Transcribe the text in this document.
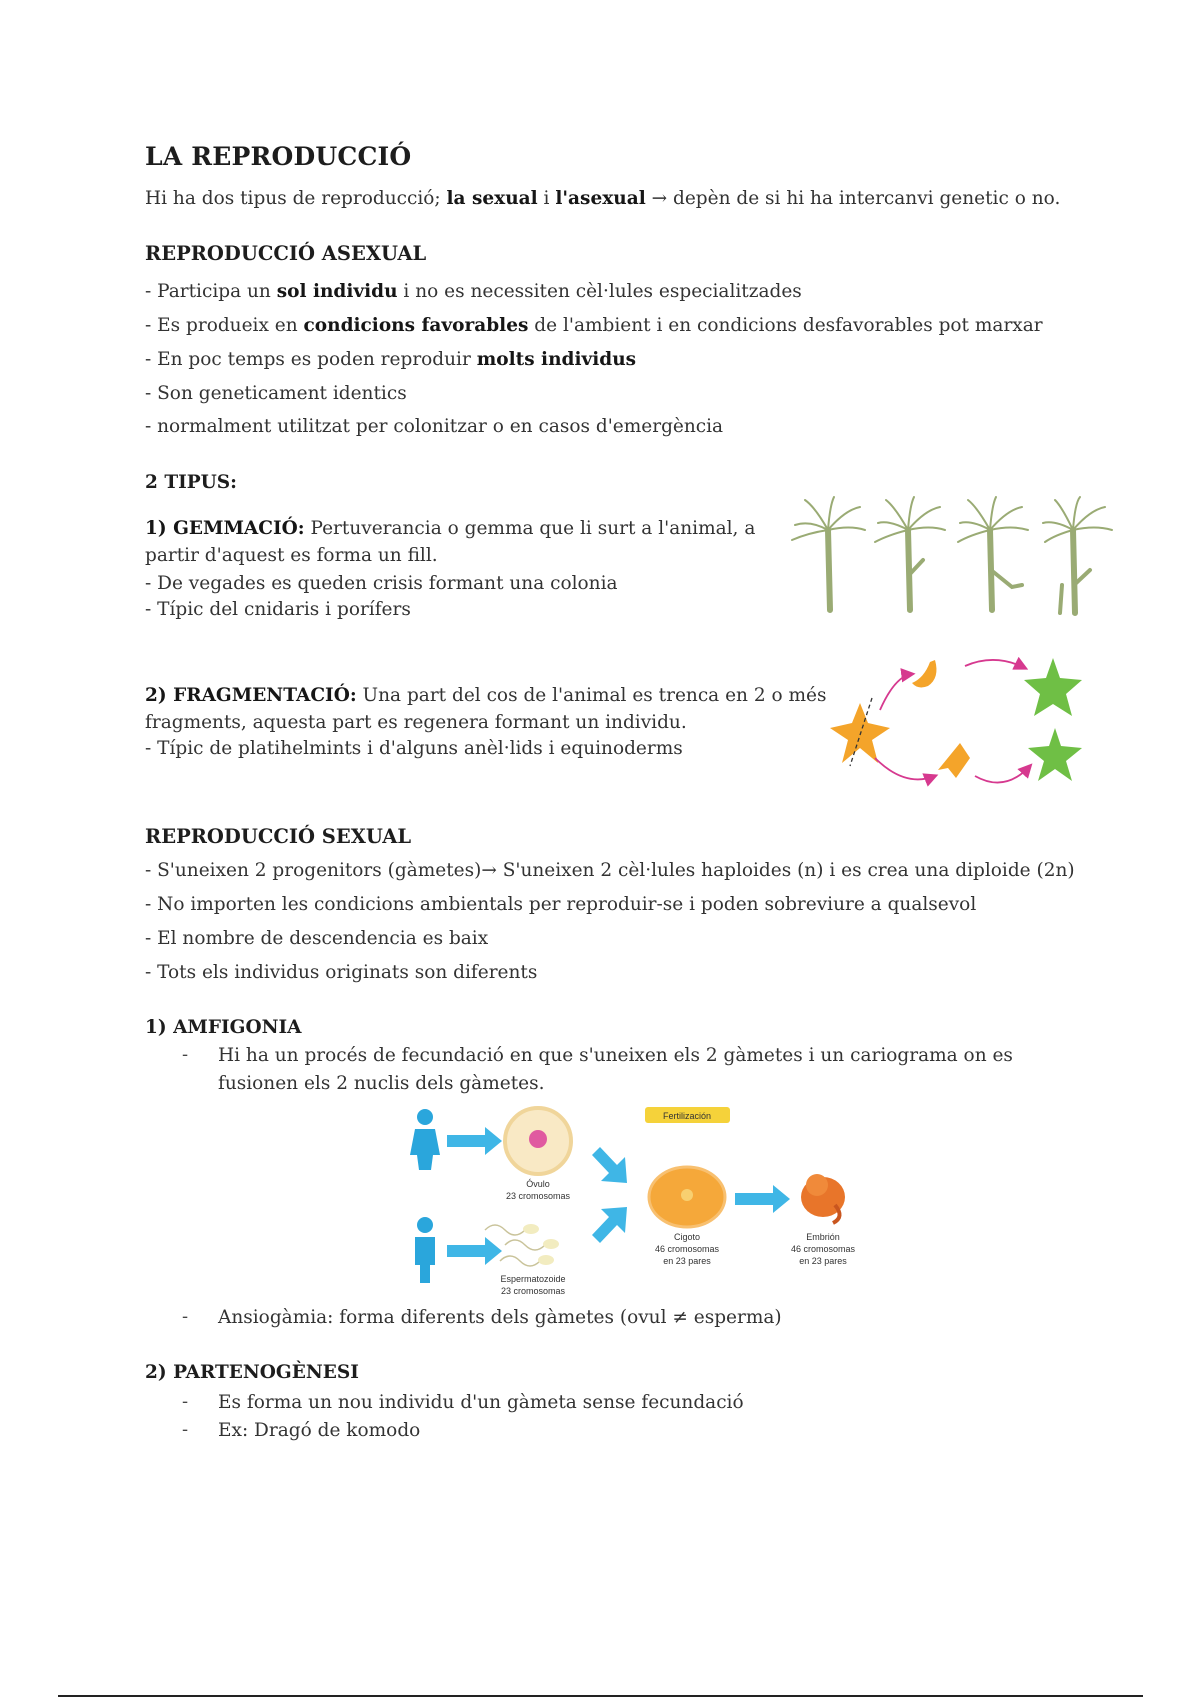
LA REPRODUCCIÓ
Hi ha dos tipus de reproducció; la sexual i l'asexual → depèn de si hi ha intercanvi genetic o no.
REPRODUCCIÓ ASEXUAL
- Participa un sol individu i no es necessiten cèl·lules especialitzades
- Es produeix en condicions favorables de l'ambient i en condicions desfavorables pot marxar
- En poc temps es poden reproduir molts individus
- Son geneticament identics
- normalment utilitzat per colonitzar o en casos d'emergència
2 TIPUS:
1) GEMMACIÓ: Pertuverancia o gemma que li surt a l'animal, a
partir d'aquest es forma un fill.
- De vegades es queden crisis formant una colonia
- Típic del cnidaris i porífers
2) FRAGMENTACIÓ: Una part del cos de l'animal es trenca en 2 o més
fragments, aquesta part es regenera formant un individu.
- Típic de platihelmints i d'alguns anèl·lids i equinoderms
REPRODUCCIÓ SEXUAL
- S'uneixen 2 progenitors (gàmetes)→ S'uneixen 2 cèl·lules haploides (n) i es crea una diploide (2n)
- No importen les condicions ambientals per reproduir-se i poden sobreviure a qualsevol
- El nombre de descendencia es baix
- Tots els individus originats son diferents
1) AMFIGONIA
- Hi ha un procés de fecundació en que s'uneixen els 2 gàmetes i un cariograma on es fusionen els 2 nuclis dels gàmetes.
Óvulo
23 cromosomas
Espermatozoide
23 cromosomas
Fertilización
Cigoto
46 cromosomas
en 23 pares
Embrión
46 cromosomas
en 23 pares
- Ansiogàmia: forma diferents dels gàmetes (ovul ≠ esperma)
2) PARTENOGÈNESI
- Es forma un nou individu d'un gàmeta sense fecundació
- Ex: Dragó de komodo
